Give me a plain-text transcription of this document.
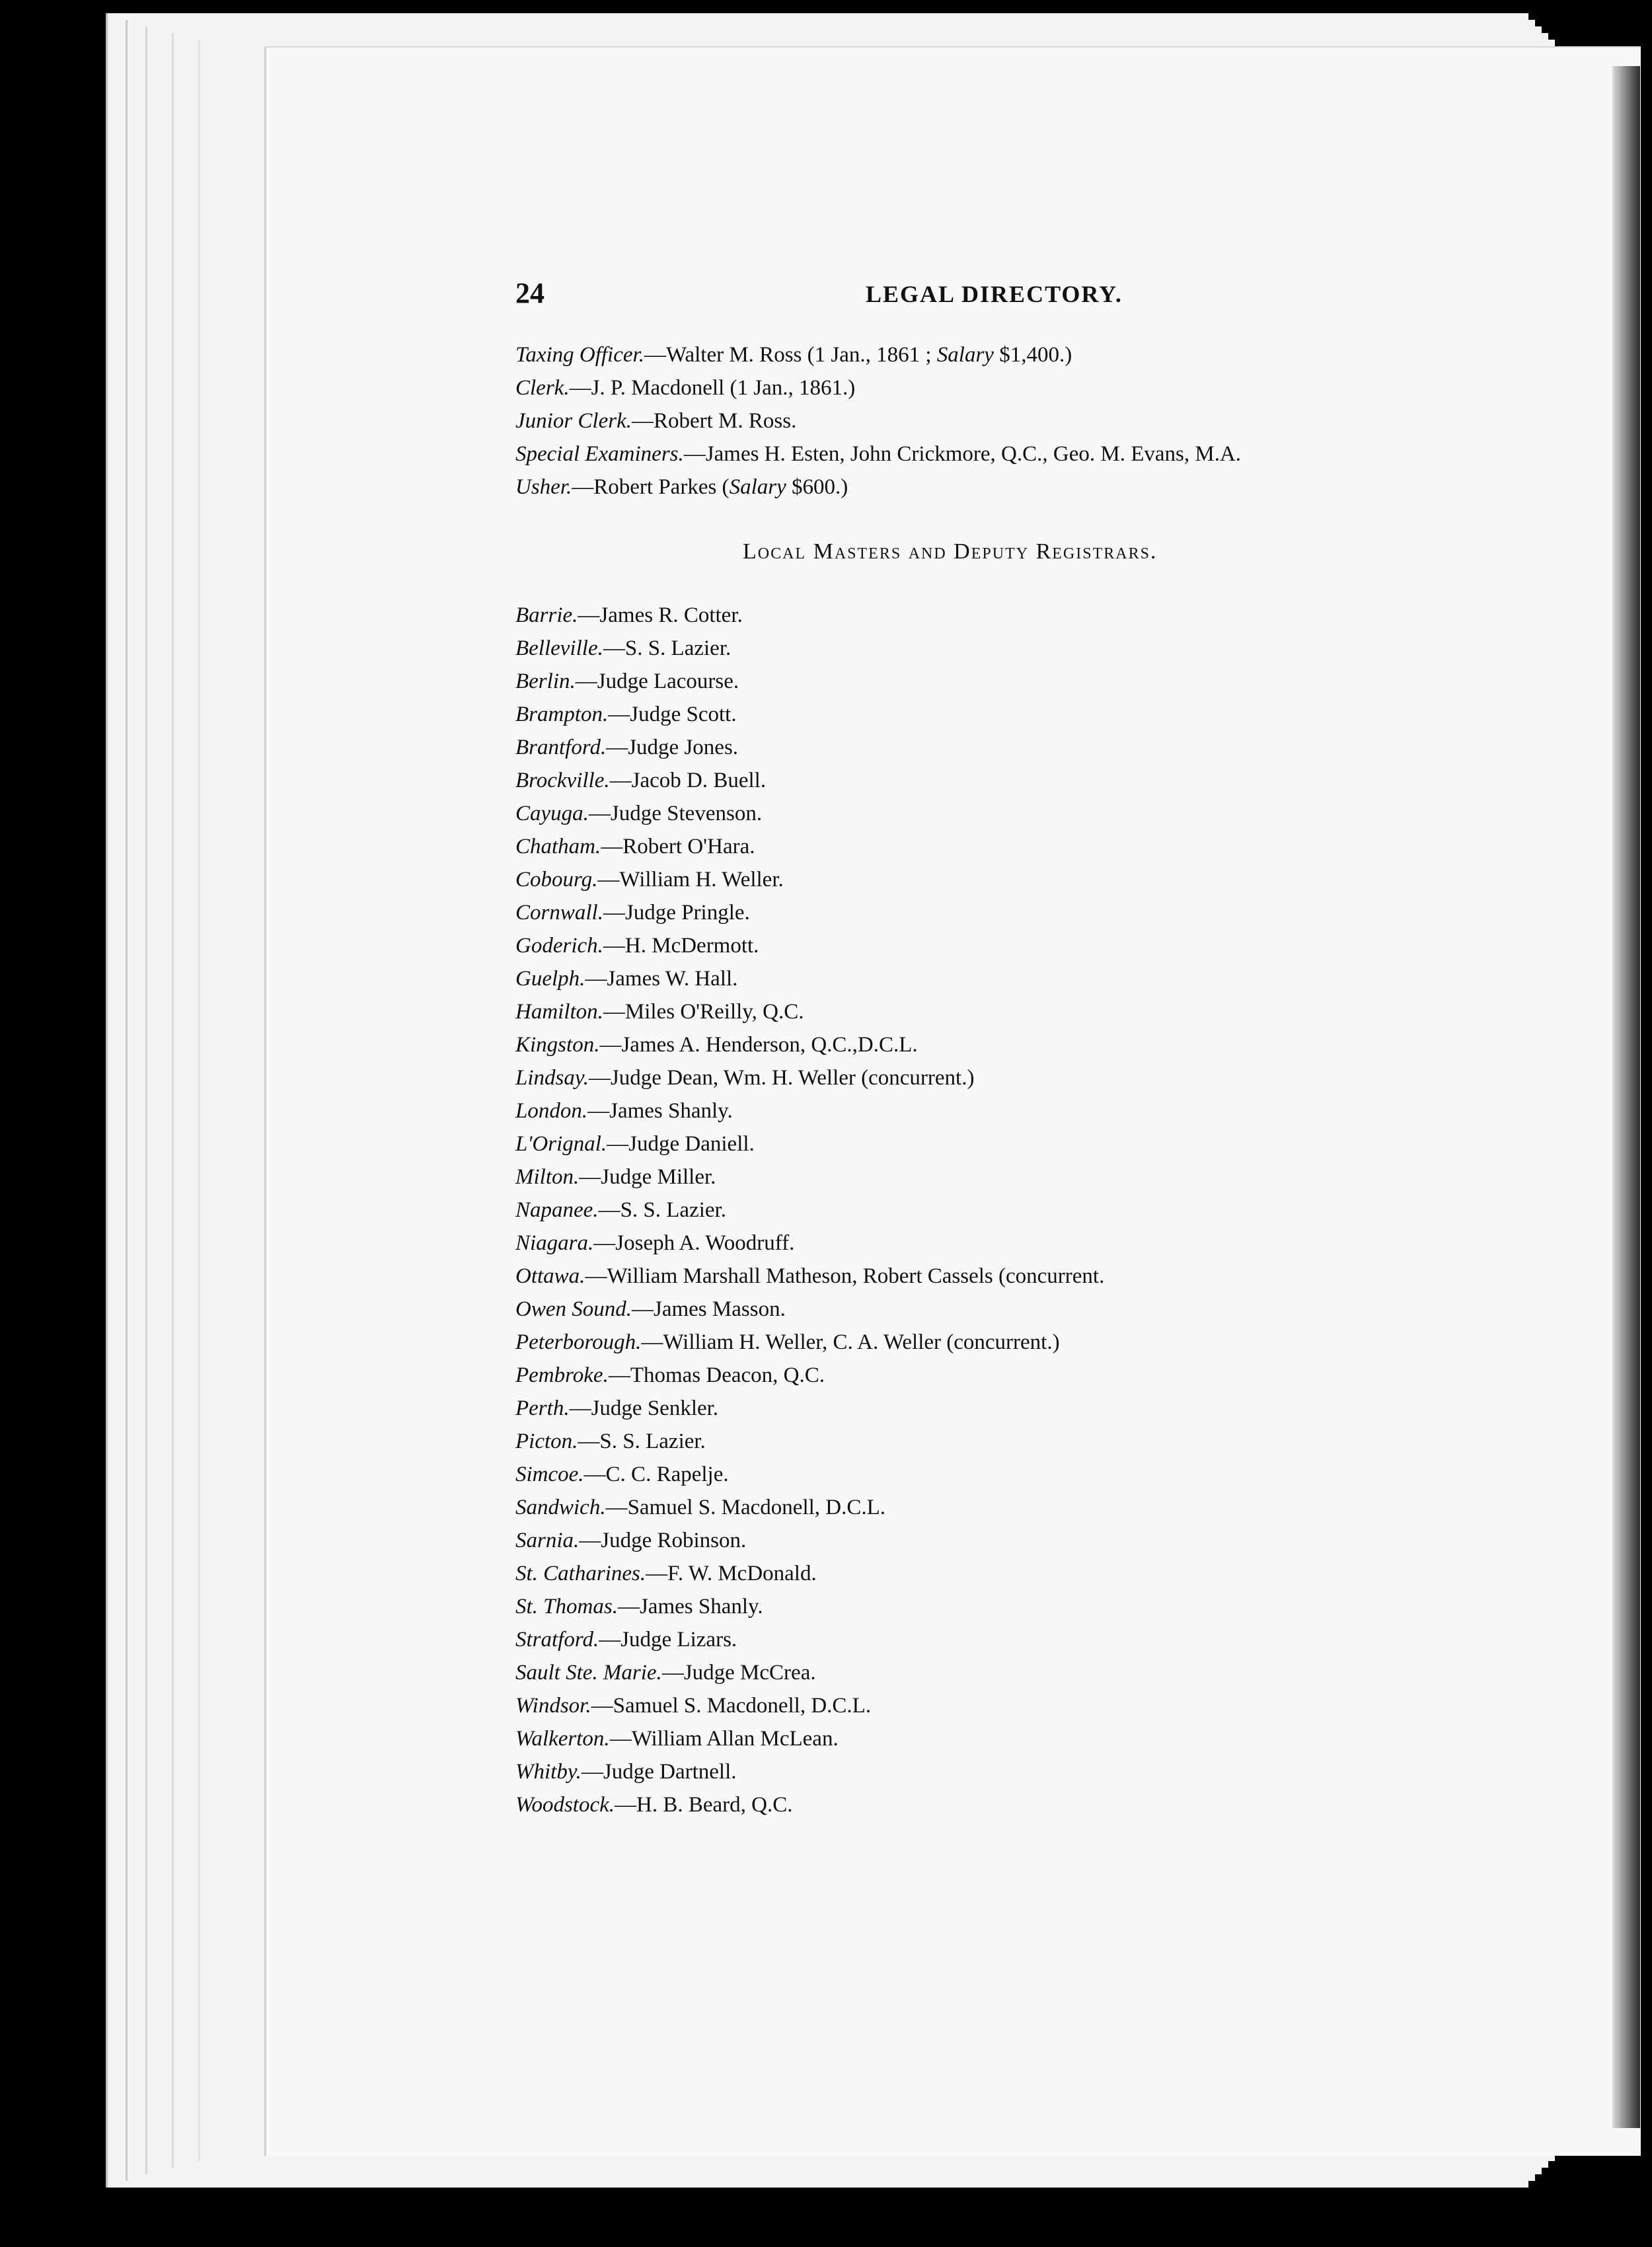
24	LEGAL DIRECTORY.
Taxing Officer.—Walter M. Ross (1 Jan., 1861 ; Salary $1,400.)
Clerk.—J. P. Macdonell (1 Jan., 1861.)
Junior Clerk.—Robert M. Ross.
Special Examiners.—James H. Esten, John Crickmore, Q.C., Geo. M. Evans, M.A.
Usher.—Robert Parkes (Salary $600.)
Local Masters and Deputy Registrars.
Barrie.—James R. Cotter.
Belleville.—S. S. Lazier.
Berlin.—Judge Lacourse.
Brampton.—Judge Scott.
Brantford.—Judge Jones.
Brockville.—Jacob D. Buell.
Cayuga.—Judge Stevenson.
Chatham.—Robert O'Hara.
Cobourg.—William H. Weller.
Cornwall.—Judge Pringle.
Goderich.—H. McDermott.
Guelph.—James W. Hall.
Hamilton.—Miles O'Reilly, Q.C.
Kingston.—James A. Henderson, Q.C.,D.C.L.
Lindsay.—Judge Dean, Wm. H. Weller (concurrent.)
London.—James Shanly.
L'Orignal.—Judge Daniell.
Milton.—Judge Miller.
Napanee.—S. S. Lazier.
Niagara.—Joseph A. Woodruff.
Ottawa.—William Marshall Matheson, Robert Cassels (concurrent.
Owen Sound.—James Masson.
Peterborough.—William H. Weller, C. A. Weller (concurrent.)
Pembroke.—Thomas Deacon, Q.C.
Perth.—Judge Senkler.
Picton.—S. S. Lazier.
Simcoe.—C. C. Rapelje.
Sandwich.—Samuel S. Macdonell, D.C.L.
Sarnia.—Judge Robinson.
St. Catharines.—F. W. McDonald.
St. Thomas.—James Shanly.
Stratford.—Judge Lizars.
Sault Ste. Marie.—Judge McCrea.
Windsor.—Samuel S. Macdonell, D.C.L.
Walkerton.—William Allan McLean.
Whitby.—Judge Dartnell.
Woodstock.—H. B. Beard, Q.C.
